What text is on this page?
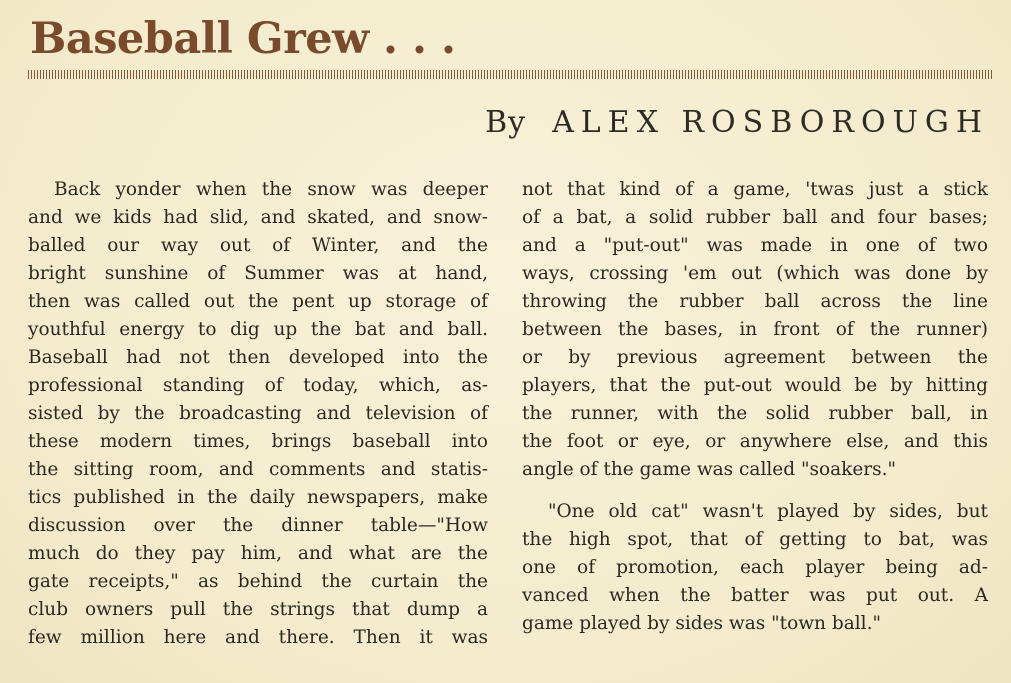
Baseball Grew . . .

By ALEX ROSBOROUGH

Back yonder when the snow was deeper
and we kids had slid, and skated, and snow-
balled our way out of Winter, and the
bright sunshine of Summer was at hand,
then was called out the pent up storage of
youthful energy to dig up the bat and ball.
Baseball had not then developed into the
professional standing of today, which, as-
sisted by the broadcasting and television of
these modern times, brings baseball into
the sitting room, and comments and statis-
tics published in the daily newspapers, make
discussion over the dinner table—"How
much do they pay him, and what are the
gate receipts," as behind the curtain the
club owners pull the strings that dump a
few million here and there. Then it was
not that kind of a game, 'twas just a stick
of a bat, a solid rubber ball and four bases;
and a "put-out" was made in one of two
ways, crossing 'em out (which was done by
throwing the rubber ball across the line
between the bases, in front of the runner)
or by previous agreement between the
players, that the put-out would be by hitting
the runner, with the solid rubber ball, in
the foot or eye, or anywhere else, and this
angle of the game was called "soakers."
"One old cat" wasn't played by sides, but
the high spot, that of getting to bat, was
one of promotion, each player being ad-
vanced when the batter was put out. A
game played by sides was "town ball."
